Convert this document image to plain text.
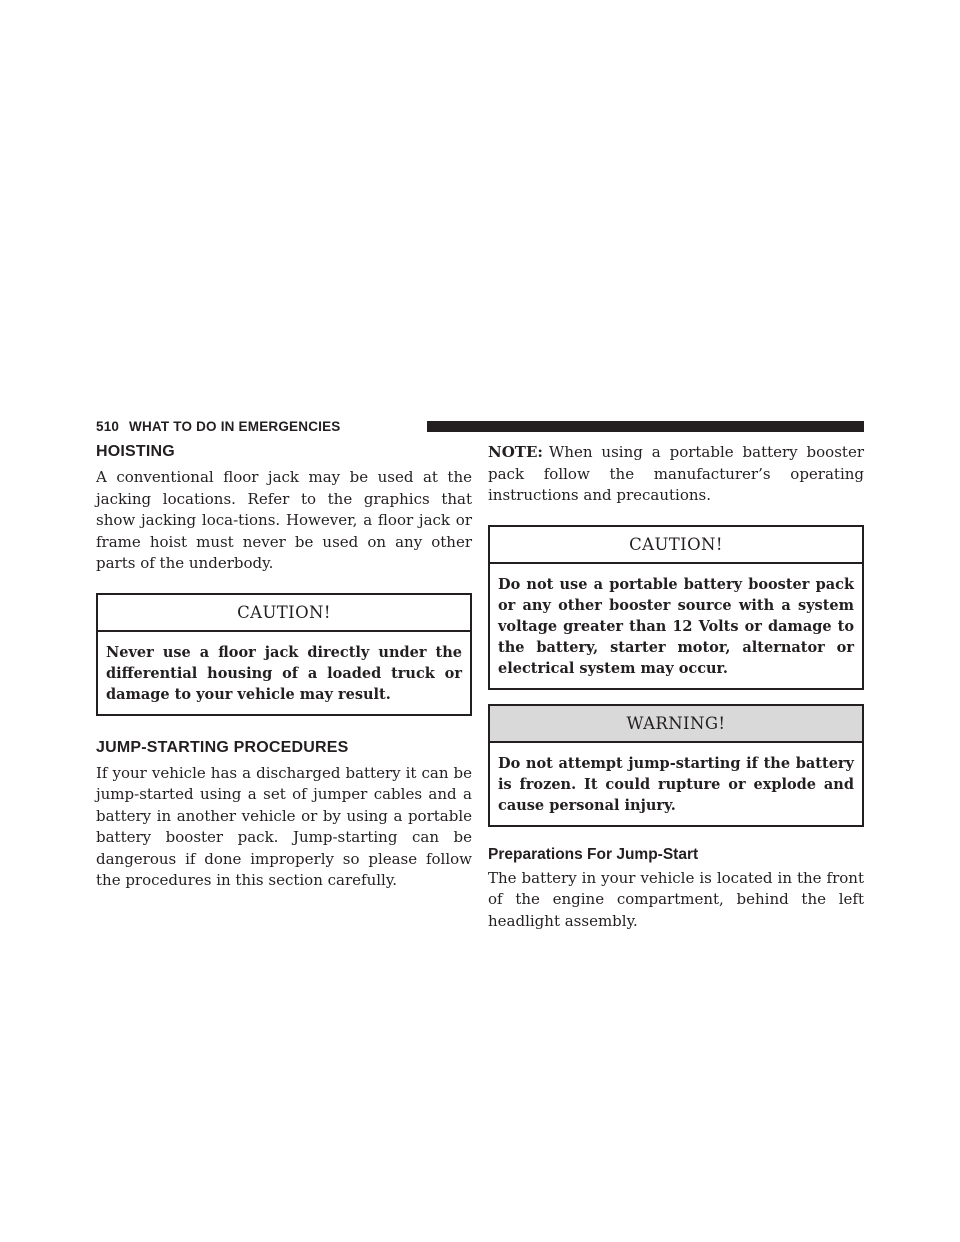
510 WHAT TO DO IN EMERGENCIES
HOISTING

A conventional floor jack may be used at the jacking locations. Refer to the graphics that show jacking loca-tions. However, a floor jack or frame hoist must never be used on any other parts of the underbody.

CAUTION!
Never use a floor jack directly under the differential housing of a loaded truck or damage to your vehicle may result.
JUMP-STARTING PROCEDURES

If your vehicle has a discharged battery it can be jump-started using a set of jumper cables and a battery in another vehicle or by using a portable battery booster pack. Jump-starting can be dangerous if done improperly so please follow the procedures in this section carefully.

NOTE: When using a portable battery booster pack follow the manufacturer’s operating instructions and precautions.

CAUTION!
Do not use a portable battery booster pack or any other booster source with a system voltage greater than 12 Volts or damage to the battery, starter motor, alternator or electrical system may occur.
WARNING!
Do not attempt jump-starting if the battery is frozen. It could rupture or explode and cause personal injury.
Preparations For Jump-Start

The battery in your vehicle is located in the front of the engine compartment, behind the left headlight assembly.
